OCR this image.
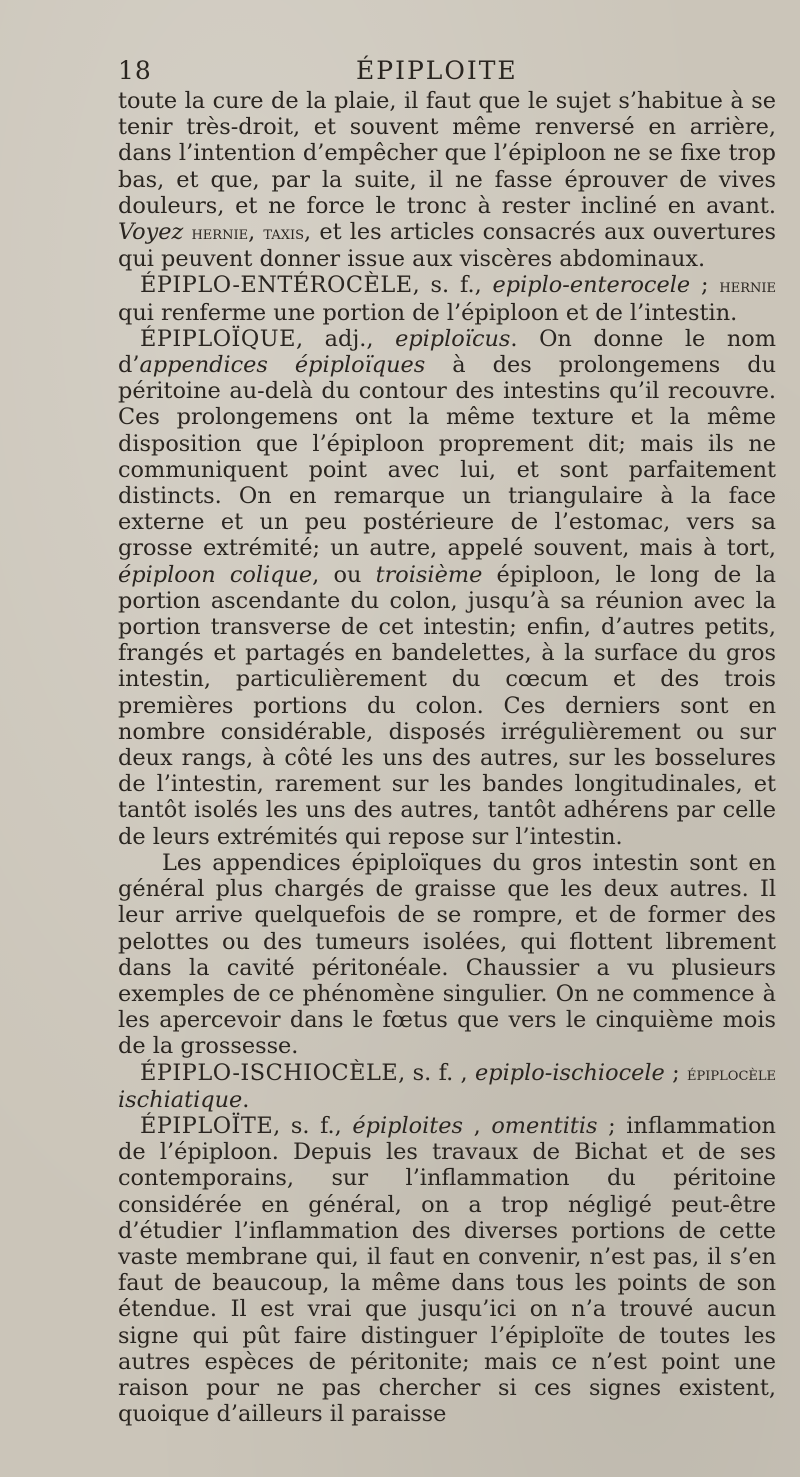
18	ÉPIPLOITE

toute la cure de la plaie, il faut que le sujet s’habitue à se tenir très-droit, et souvent même renversé en arrière, dans l’intention d’empêcher que l’épiploon ne se fixe trop bas, et que, par la suite, il ne fasse éprouver de vives douleurs, et ne force le tronc à rester incliné en avant. Voyez hernie, taxis, et les articles consacrés aux ouvertures qui peuvent donner issue aux viscères abdominaux.

ÉPIPLO-ENTÉROCÈLE, s. f., epiplo-enterocele ; hernie qui renferme une portion de l’épiploon et de l’intestin.

ÉPIPLOÏQUE, adj., epiploïcus. On donne le nom d’appendices épiploïques à des prolongemens du péritoine au-delà du contour des intestins qu’il recouvre. Ces prolongemens ont la même texture et la même disposition que l’épiploon proprement dit; mais ils ne communiquent point avec lui, et sont parfaitement distincts. On en remarque un triangulaire à la face externe et un peu postérieure de l’estomac, vers sa grosse extrémité; un autre, appelé souvent, mais à tort, épiploon colique, ou troisième épiploon, le long de la portion ascendante du colon, jusqu’à sa réunion avec la portion transverse de cet intestin; enfin, d’autres petits, frangés et partagés en bandelettes, à la surface du gros intestin, particulièrement du cœcum et des trois premières portions du colon. Ces derniers sont en nombre considérable, disposés irrégulièrement ou sur deux rangs, à côté les uns des autres, sur les bosselures de l’intestin, rarement sur les bandes longitudinales, et tantôt isolés les uns des autres, tantôt adhérens par celle de leurs extrémités qui repose sur l’intestin.

Les appendices épiploïques du gros intestin sont en général plus chargés de graisse que les deux autres. Il leur arrive quelquefois de se rompre, et de former des pelottes ou des tumeurs isolées, qui flottent librement dans la cavité péritonéale. Chaussier a vu plusieurs exemples de ce phénomène singulier. On ne commence à les apercevoir dans le fœtus que vers le cinquième mois de la grossesse.

ÉPIPLO-ISCHIOCÈLE, s. f. , epiplo-ischiocele ; épiplocèle ischiatique.

ÉPIPLOÏTE, s. f., épiploites , omentitis ; inflammation de l’épiploon. Depuis les travaux de Bichat et de ses contemporains, sur l’inflammation du péritoine considérée en général, on a trop négligé peut-être d’étudier l’inflammation des diverses portions de cette vaste membrane qui, il faut en convenir, n’est pas, il s’en faut de beaucoup, la même dans tous les points de son étendue. Il est vrai que jusqu’ici on n’a trouvé aucun signe qui pût faire distinguer l’épiploïte de toutes les autres espèces de péritonite; mais ce n’est point une raison pour ne pas chercher si ces signes existent, quoique d’ailleurs il paraisse
